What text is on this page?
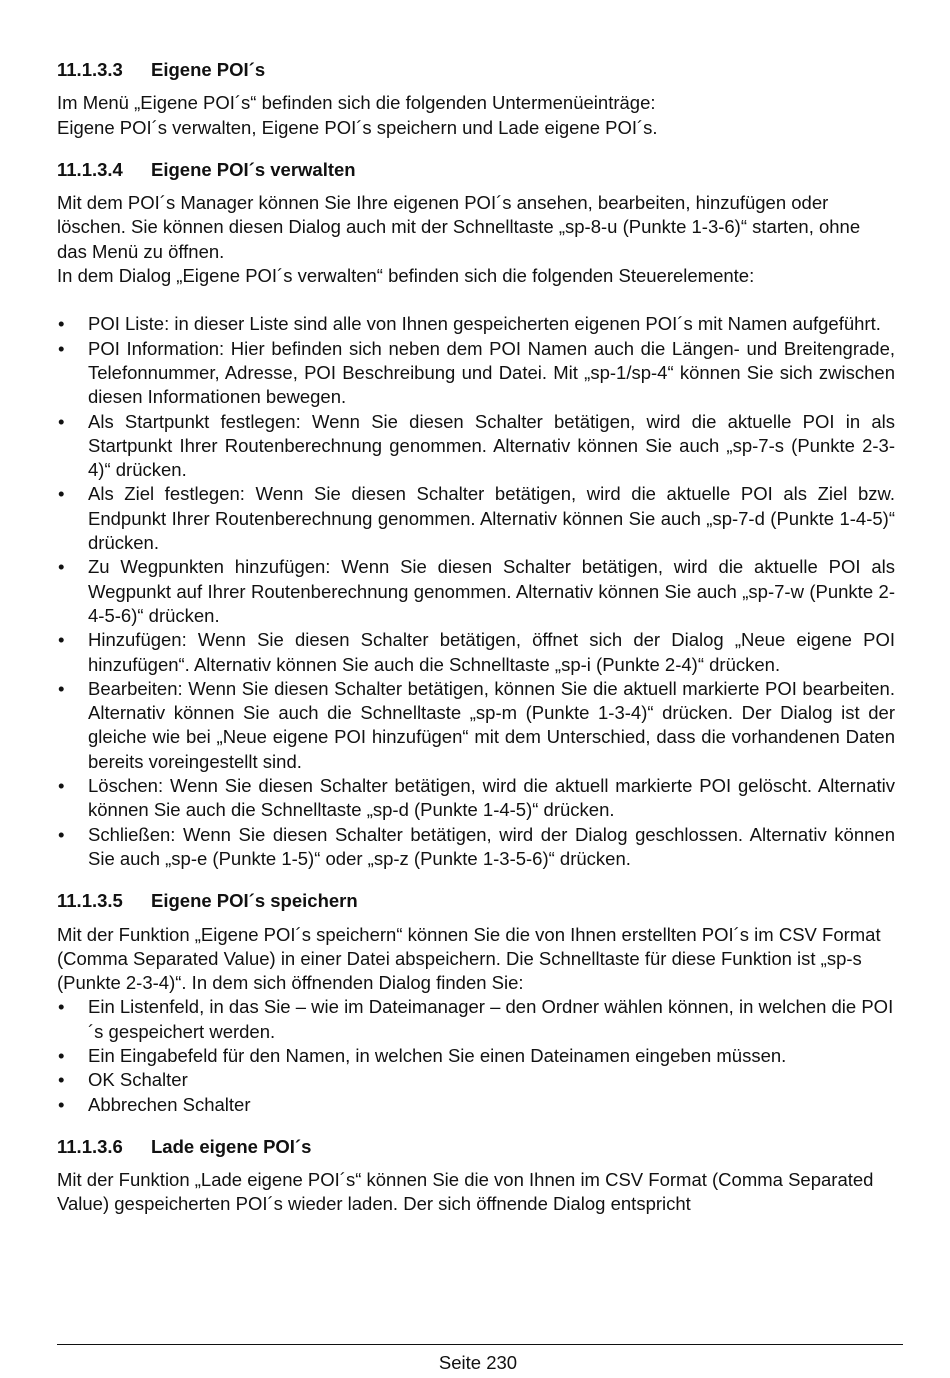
11.1.3.3 Eigene POI´s

Im Menü „Eigene POI´s“ befinden sich die folgenden Untermenüeinträge:

Eigene POI´s verwalten, Eigene POI´s speichern und Lade eigene POI´s.

11.1.3.4 Eigene POI´s verwalten

Mit dem POI´s Manager können Sie Ihre eigenen POI´s ansehen, bearbeiten, hinzufügen oder löschen. Sie können diesen Dialog auch mit der Schnelltaste „sp-8-u (Punkte 1-3-6)“ starten, ohne das Menü zu öffnen.

In dem Dialog „Eigene POI´s verwalten“ befinden sich die folgenden Steuerelemente:

• POI Liste: in dieser Liste sind alle von Ihnen gespeicherten eigenen POI´s mit Namen aufgeführt.
• POI Information: Hier befinden sich neben dem POI Namen auch die Längen- und Breitengrade, Telefonnummer, Adresse, POI Beschreibung und Datei. Mit „sp-1/sp-4“ können Sie sich zwischen diesen Informationen bewegen.
• Als Startpunkt festlegen: Wenn Sie diesen Schalter betätigen, wird die aktuelle POI in als Startpunkt Ihrer Routenberechnung genommen. Alternativ können Sie auch „sp-7-s (Punkte 2-3-4)“ drücken.
• Als Ziel festlegen: Wenn Sie diesen Schalter betätigen, wird die aktuelle POI als Ziel bzw. Endpunkt Ihrer Routenberechnung genommen. Alternativ können Sie auch „sp-7-d (Punkte 1-4-5)“ drücken.
• Zu Wegpunkten hinzufügen: Wenn Sie diesen Schalter betätigen, wird die aktuelle POI als Wegpunkt auf Ihrer Routenberechnung genommen. Alternativ können Sie auch „sp-7-w (Punkte 2-4-5-6)“ drücken.
• Hinzufügen: Wenn Sie diesen Schalter betätigen, öffnet sich der Dialog „Neue eigene POI hinzufügen“. Alternativ können Sie auch die Schnelltaste „sp-i (Punkte 2-4)“ drücken.
• Bearbeiten: Wenn Sie diesen Schalter betätigen, können Sie die aktuell markierte POI bearbeiten. Alternativ können Sie auch die Schnelltaste „sp-m (Punkte 1-3-4)“ drücken. Der Dialog ist der gleiche wie bei „Neue eigene POI hinzufügen“ mit dem Unterschied, dass die vorhandenen Daten bereits voreingestellt sind.
• Löschen: Wenn Sie diesen Schalter betätigen, wird die aktuell markierte POI gelöscht. Alternativ können Sie auch die Schnelltaste „sp-d (Punkte 1-4-5)“ drücken.
• Schließen: Wenn Sie diesen Schalter betätigen, wird der Dialog geschlossen. Alternativ können Sie auch „sp-e (Punkte 1-5)“ oder „sp-z (Punkte 1-3-5-6)“ drücken.
11.1.3.5 Eigene POI´s speichern

Mit der Funktion „Eigene POI´s speichern“ können Sie die von Ihnen erstellten POI´s im CSV Format (Comma Separated Value) in einer Datei abspeichern. Die Schnelltaste für diese Funktion ist „sp-s (Punkte 2-3-4)“. In dem sich öffnenden Dialog finden Sie:

• Ein Listenfeld, in das Sie – wie im Dateimanager – den Ordner wählen können, in welchen die POI´s gespeichert werden.
• Ein Eingabefeld für den Namen, in welchen Sie einen Dateinamen eingeben müssen.
• OK Schalter
• Abbrechen Schalter
11.1.3.6 Lade eigene POI´s

Mit der Funktion „Lade eigene POI´s“ können Sie die von Ihnen im CSV Format (Comma Separated Value) gespeicherten POI´s wieder laden. Der sich öffnende Dialog entspricht

Seite 230
